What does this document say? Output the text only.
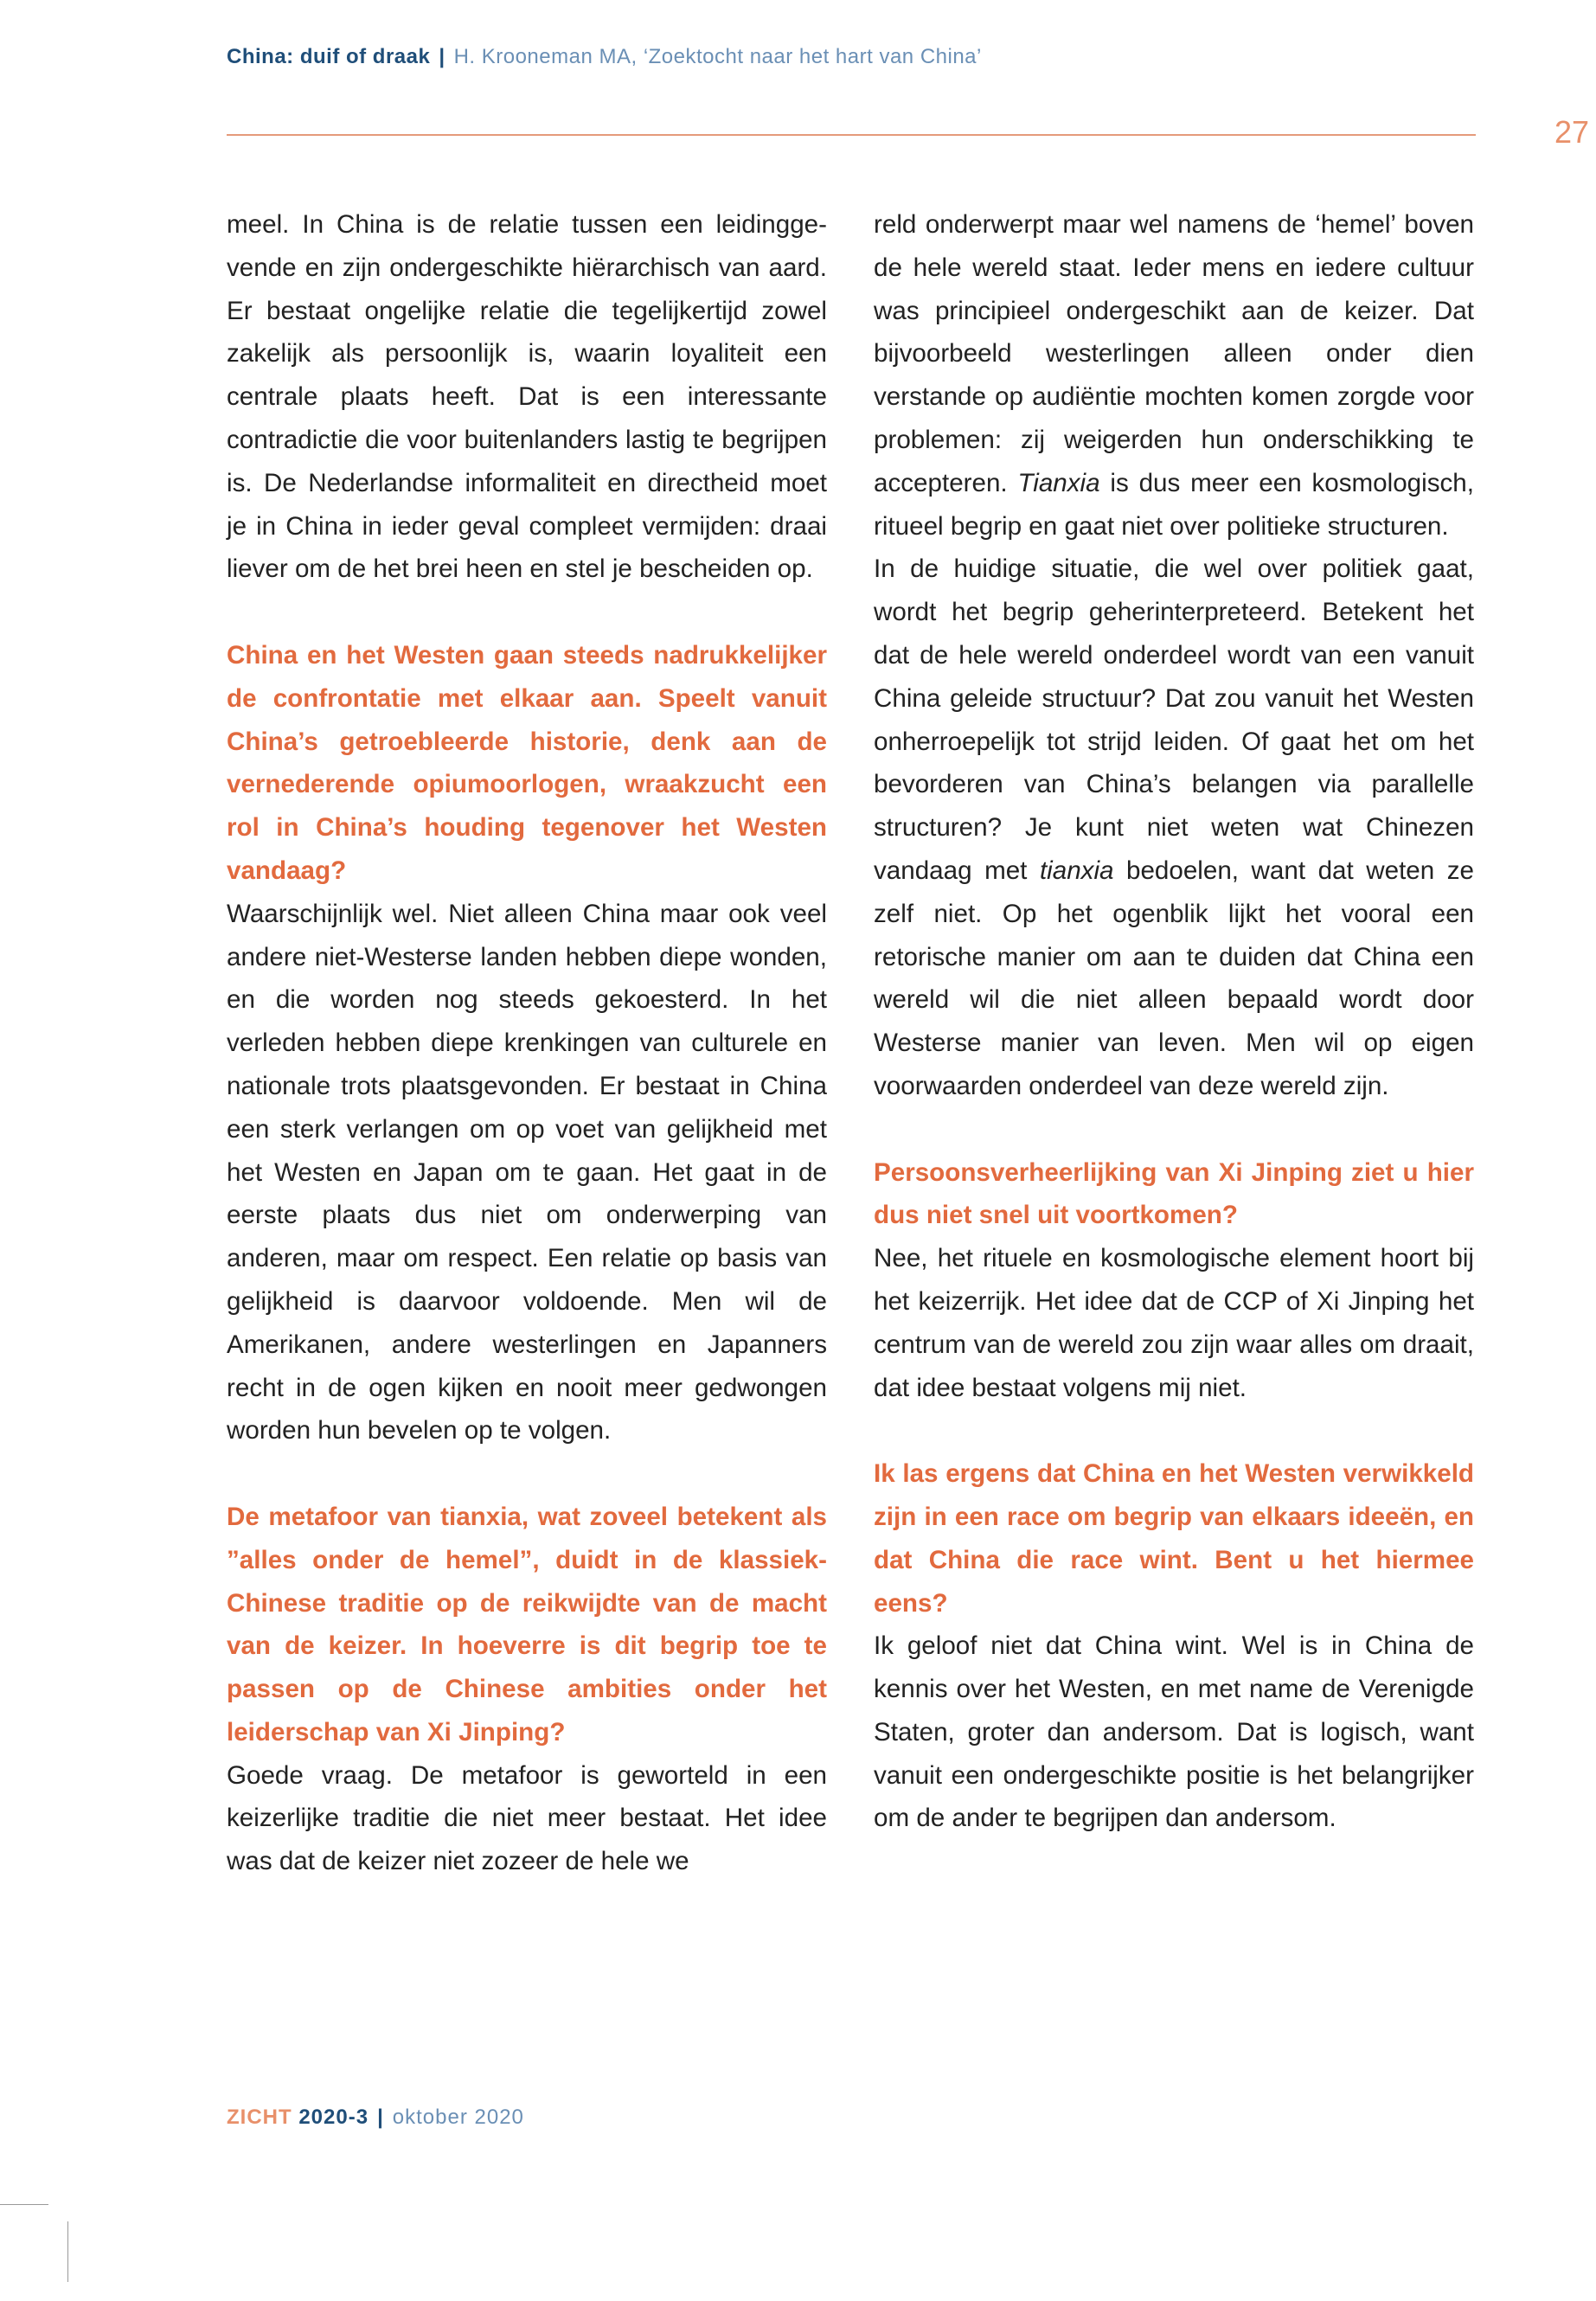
China: duif of draak | H. Krooneman MA, ‘Zoektocht naar het hart van China’
27

meel. In China is de relatie tussen een leidinggevende en zijn ondergeschikte hiërarchisch van aard. Er bestaat ongelijke relatie die tegelijkertijd zowel zakelijk als persoonlijk is, waarin loyaliteit een centrale plaats heeft. Dat is een interessante contradictie die voor buitenlanders lastig te begrijpen is. De Nederlandse informaliteit en directheid moet je in China in ieder geval compleet vermijden: draai liever om de het brei heen en stel je bescheiden op.

China en het Westen gaan steeds nadrukkelijker de confrontatie met elkaar aan. Speelt vanuit China’s getroebleerde historie, denk aan de vernederende opiumoorlogen, wraakzucht een rol in China’s houding tegenover het Westen vandaag?

Waarschijnlijk wel. Niet alleen China maar ook veel andere niet-Westerse landen hebben diepe wonden, en die worden nog steeds gekoesterd. In het verleden hebben diepe krenkingen van culturele en nationale trots plaatsgevonden. Er bestaat in China een sterk verlangen om op voet van gelijkheid met het Westen en Japan om te gaan. Het gaat in de eerste plaats dus niet om onderwerping van anderen, maar om respect. Een relatie op basis van gelijkheid is daarvoor voldoende. Men wil de Amerikanen, andere westerlingen en Japanners recht in de ogen kijken en nooit meer gedwongen worden hun bevelen op te volgen.

De metafoor van tianxia, wat zoveel betekent als ”alles onder de hemel”, duidt in de klassiek-Chinese traditie op de reikwijdte van de macht van de keizer. In hoeverre is dit begrip toe te passen op de Chinese ambities onder het leiderschap van Xi Jinping?

Goede vraag. De metafoor is geworteld in een keizerlijke traditie die niet meer bestaat. Het idee was dat de keizer niet zozeer de hele we

reld onderwerpt maar wel namens de ‘hemel’ boven de hele wereld staat. Ieder mens en iedere cultuur was principieel ondergeschikt aan de keizer. Dat bijvoorbeeld westerlingen alleen onder dien verstande op audiëntie mochten komen zorgde voor problemen: zij weigerden hun onderschikking te accepteren. Tianxia is dus meer een kosmologisch, ritueel begrip en gaat niet over politieke structuren.

In de huidige situatie, die wel over politiek gaat, wordt het begrip geherinterpreteerd. Betekent het dat de hele wereld onderdeel wordt van een vanuit China geleide structuur? Dat zou vanuit het Westen onherroepelijk tot strijd leiden. Of gaat het om het bevorderen van China’s belangen via parallelle structuren? Je kunt niet weten wat Chinezen vandaag met tianxia bedoelen, want dat weten ze zelf niet. Op het ogenblik lijkt het vooral een retorische manier om aan te duiden dat China een wereld wil die niet alleen bepaald wordt door Westerse manier van leven. Men wil op eigen voorwaarden onderdeel van deze wereld zijn.

Persoonsverheerlijking van Xi Jinping ziet u hier dus niet snel uit voortkomen?

Nee, het rituele en kosmologische element hoort bij het keizerrijk. Het idee dat de CCP of Xi Jinping het centrum van de wereld zou zijn waar alles om draait, dat idee bestaat volgens mij niet.

Ik las ergens dat China en het Westen verwikkeld zijn in een race om begrip van elkaars ideeën, en dat China die race wint. Bent u het hiermee eens?

Ik geloof niet dat China wint. Wel is in China de kennis over het Westen, en met name de Verenigde Staten, groter dan andersom. Dat is logisch, want vanuit een ondergeschikte positie is het belangrijker om de ander te begrijpen dan andersom.

ZICHT 2020-3 | oktober 2020
